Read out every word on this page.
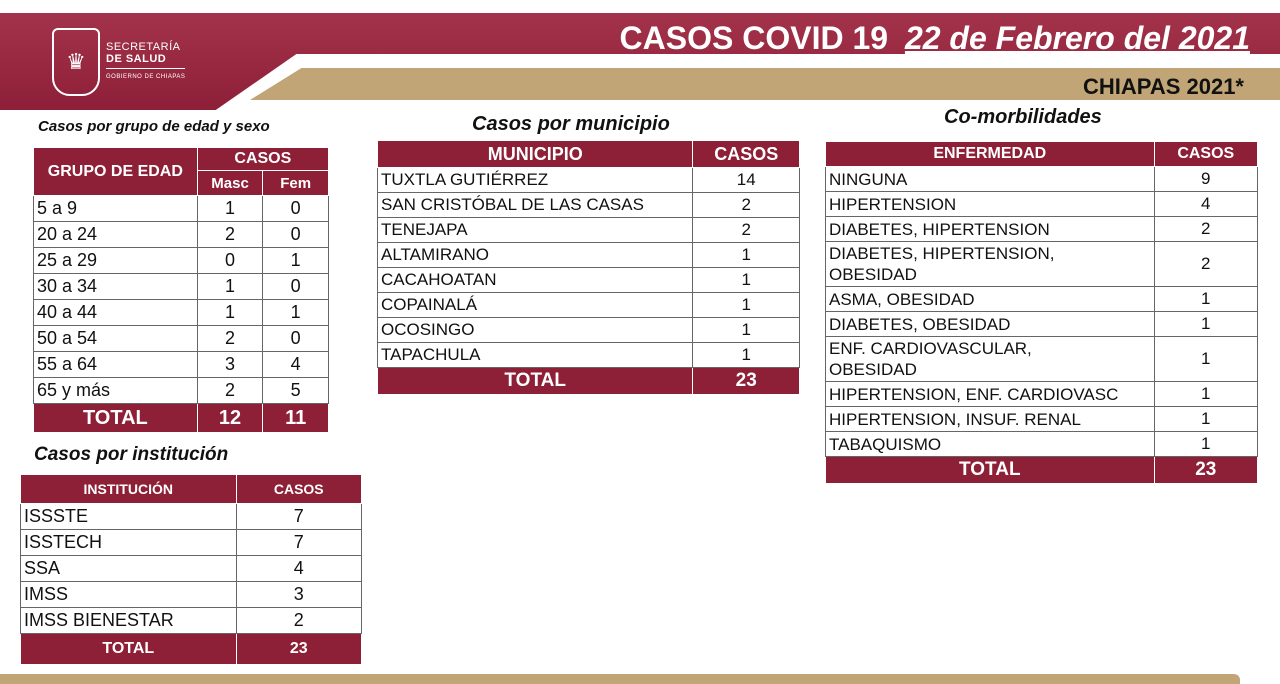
♛
SECRETARÍA
DE SALUD
GOBIERNO DE CHIAPAS
CASOS COVID 19 22 de Febrero del 2021
CHIAPAS 2021*
Casos por grupo de edad y sexo
GRUPO DE EDAD	CASOS	
	Masc	Fem
5 a 9	1	0
20 a 24	2	0
25 a 29	0	1
30 a 34	1	0
40 a 44	1	1
50 a 54	2	0
55 a 64	3	4
65 y más	2	5
TOTAL	12	11
Casos por institución
INSTITUCIÓN	CASOS
ISSSTE	7
ISSTECH	7
SSA	4
IMSS	3
IMSS BIENESTAR	2
TOTAL	23
Casos por municipio
MUNICIPIO	CASOS
TUXTLA GUTIÉRREZ	14
SAN CRISTÓBAL DE LAS CASAS	2
TENEJAPA	2
ALTAMIRANO	1
CACAHOATAN	1
COPAINALÁ	1
OCOSINGO	1
TAPACHULA	1
TOTAL	23
Co-morbilidades
ENFERMEDAD	CASOS

NINGUNA	9

HIPERTENSION	4

DIABETES, HIPERTENSION	2

DIABETES, HIPERTENSION,
OBESIDAD	2

ASMA, OBESIDAD	1

DIABETES, OBESIDAD	1

ENF. CARDIOVASCULAR,
OBESIDAD	1

HIPERTENSION, ENF. CARDIOVASC	1

HIPERTENSION, INSUF. RENAL	1

TABAQUISMO	1
TOTAL	23
